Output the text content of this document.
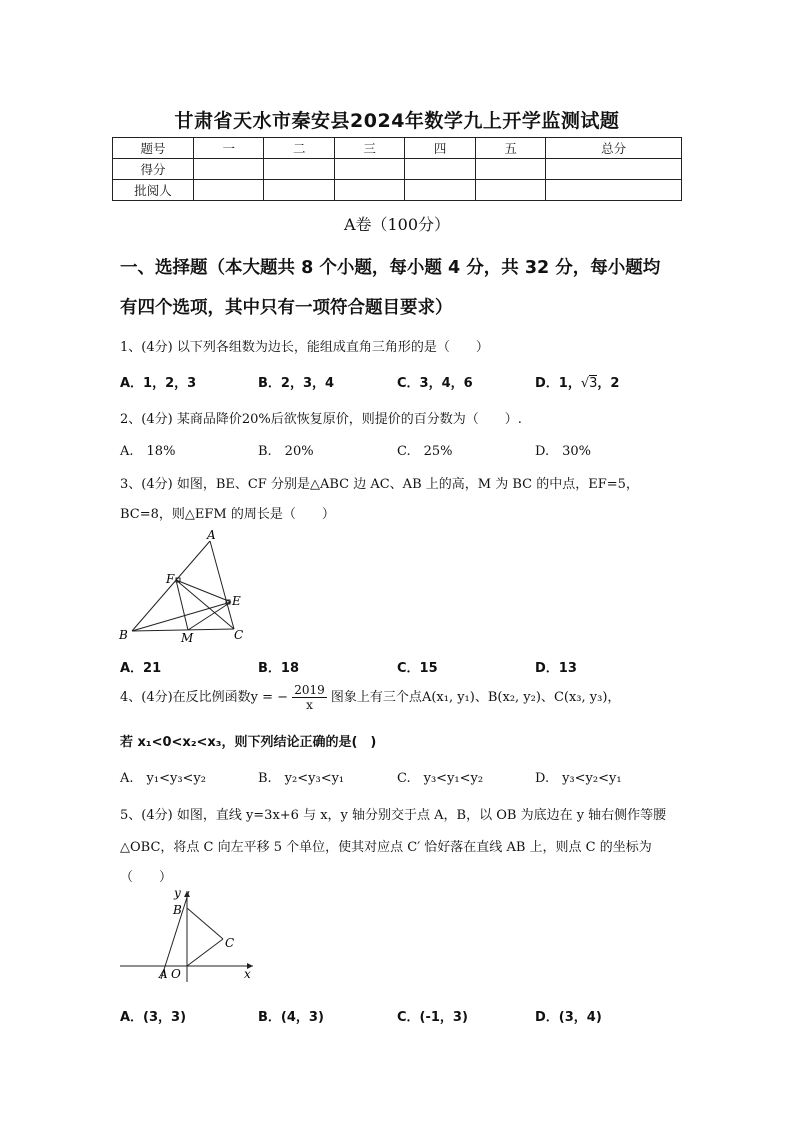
甘肃省天水市秦安县2024年数学九上开学监测试题
题号	一	二	三	四	五	总分
得分						
批阅人						
A卷（100分）
一、选择题（本大题共 8 个小题，每小题 4 分，共 32 分，每小题均
有四个选项，其中只有一项符合题目要求）
1、(4分) 以下列各组数为边长，能组成直角三角形的是（　　）
A．1，2，3	B．2，3，4	C．3，4，6	D．1，√3，2
2、(4分) 某商品降价20%后欲恢复原价，则提价的百分数为（　　）.
A.　18%	B.　20%	C.　25%	D.　30%
3、(4分) 如图，BE、CF 分别是△ABC 边 AC、AB 上的高，M 为 BC 的中点，EF=5，
BC=8，则△EFM 的周长是（　　）
A
F
E
B	M	C
A．21	B．18	C．15	D．13
4、(4分)在反比例函数y = − $\frac{2019}{x}$ 图象上有三个点A(x₁, y₁)、B(x₂, y₂)、C(x₃, y₃)，
若 x₁<0<x₂<x₃，则下列结论正确的是(　)
A.　y₁<y₃<y₂	B.　y₂<y₃<y₁	C.　y₃<y₁<y₂	D.　y₃<y₂<y₁
5、(4分) 如图，直线 y=3x+6 与 x，y 轴分别交于点 A，B，以 OB 为底边在 y 轴右侧作等腰
△OBC，将点 C 向左平移 5 个单位，使其对应点 C′ 恰好落在直线 AB 上，则点 C 的坐标为
（　　）
y
B
C
A O	x
A．(3，3)	B．(4，3)	C．(-1，3)	D．(3，4)
